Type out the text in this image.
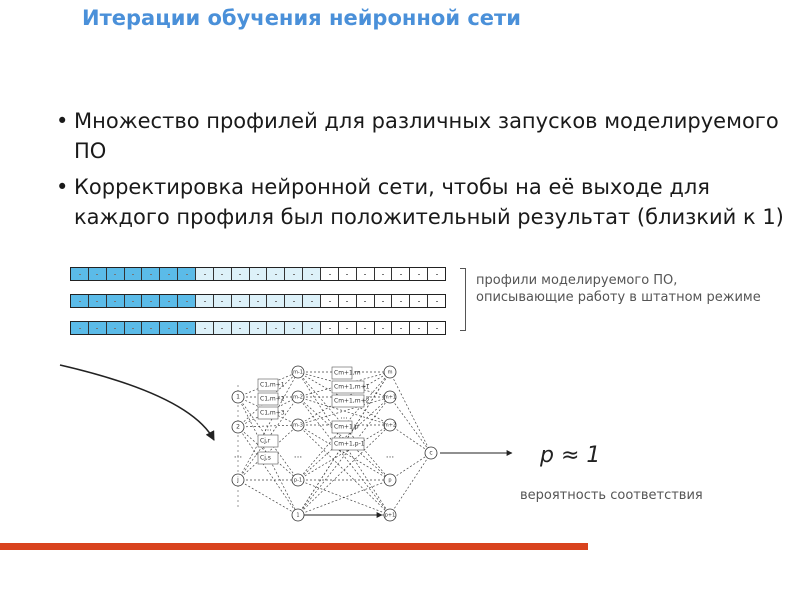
Итерации обучения нейронной сети
• Множество профилей для различных запусков моделируемого ПО
• Корректировка нейронной сети, чтобы на её выходе для каждого профиля был положительный результат (близкий к 1)
профили моделируемого ПО, описывающие работу в штатном режиме
1
2
...
j
m-1
m-2
m-3
...
p-1
1
m
m+1
m+2
...
p
p+1
c
C1,m+1
C1,m+2
C1,m+3
Cj,r
Cj,s
Cm+1,m
Cm+1,m+1
Cm+1,m+2
Cm+1,p
Cm+1,p-1
...
...
p ≈ 1
вероятность соответствия
